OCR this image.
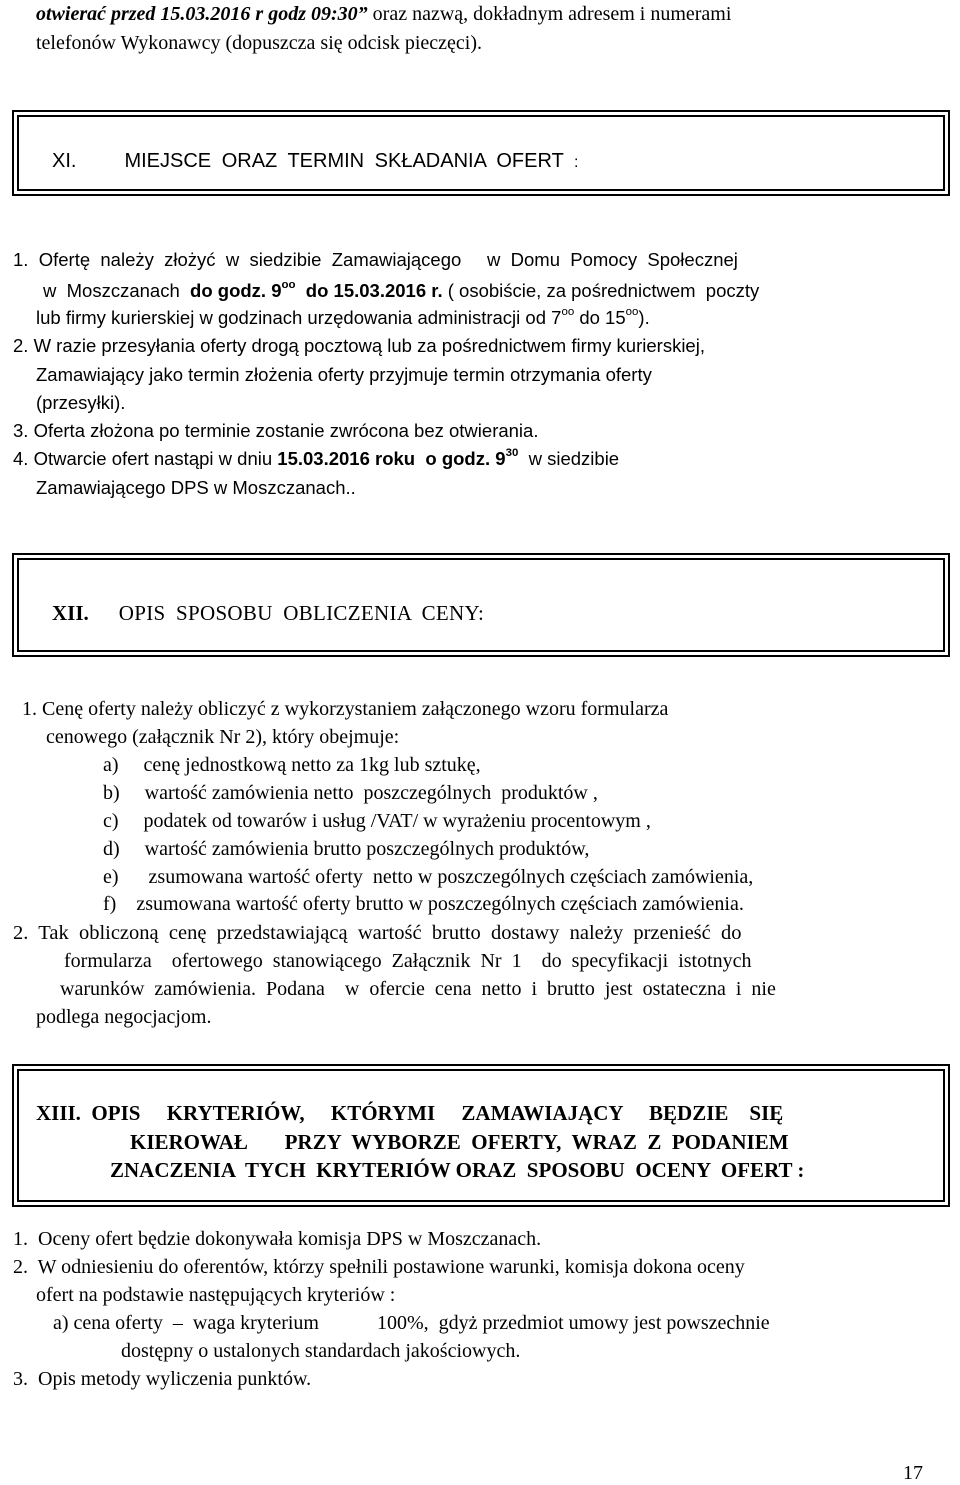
otwierać przed 15.03.2016 r godz 09:30” oraz nazwą, dokładnym adresem i numerami
telefonów Wykonawcy (dopuszcza się odcisk pieczęci).
XI. MIEJSCE ORAZ TERMIN SKŁADANIA OFERT :
1.  Ofertę  należy  złożyć  w  siedzibie  Zamawiającego     w  Domu  Pomocy  Społecznej
w  Moszczanach  do godz. $9^{oo}$  do 15.03.2016 r. ( osobiście, za pośrednictwem  poczty
lub firmy kurierskiej w godzinach urzędowania administracji od $7^{oo}$ do $15^{oo}$).
2. W razie przesyłania oferty drogą pocztową lub za pośrednictwem firmy kurierskiej,
Zamawiający jako termin złożenia oferty przyjmuje termin otrzymania oferty
(przesyłki).
3. Oferta złożona po terminie zostanie zwrócona bez otwierania.
4. Otwarcie ofert nastąpi w dniu 15.03.2016 roku  o godz. $9^{30}$  w siedzibie
Zamawiającego DPS w Moszczanach..
XII. OPIS SPOSOBU OBLICZENIA CENY:
1. Cenę oferty należy obliczyć z wykorzystaniem załączonego wzoru formularza
cenowego (załącznik Nr 2), który obejmuje:
a)     cenę jednostkową netto za 1kg lub sztukę,
b)     wartość zamówienia netto  poszczególnych  produktów ,
c)     podatek od towarów i usług /VAT/ w wyrażeniu procentowym ,
d)     wartość zamówienia brutto poszczególnych produktów,
e)      zsumowana wartość oferty  netto w poszczególnych częściach zamówienia,
f)    zsumowana wartość oferty brutto w poszczególnych częściach zamówienia.
2.  Tak  obliczoną  cenę  przedstawiającą  wartość  brutto  dostawy  należy  przenieść  do
formularza    ofertowego  stanowiącego  Załącznik  Nr  1    do  specyfikacji  istotnych
warunków  zamówienia.  Podana    w  ofercie  cena  netto  i  brutto  jest  ostateczna  i  nie
podlega negocjacjom.
XIII.  OPIS     KRYTERIÓW,     KTÓRYMI     ZAMAWIAJĄCY     BĘDZIE    SIĘ
KIEROWAŁ       PRZY  WYBORZE  OFERTY,  WRAZ  Z  PODANIEM
ZNACZENIA  TYCH  KRYTERIÓW ORAZ  SPOSOBU  OCENY  OFERT :
1.  Oceny ofert będzie dokonywała komisja DPS w Moszczanach.
2.  W odniesieniu do oferentów, którzy spełnili postawione warunki, komisja dokona oceny
ofert na podstawie następujących kryteriów :
a) cena oferty  –  waga kryterium	100%,  gdyż przedmiot umowy jest powszechnie
dostępny o ustalonych standardach jakościowych.
3.  Opis metody wyliczenia punktów.
17
